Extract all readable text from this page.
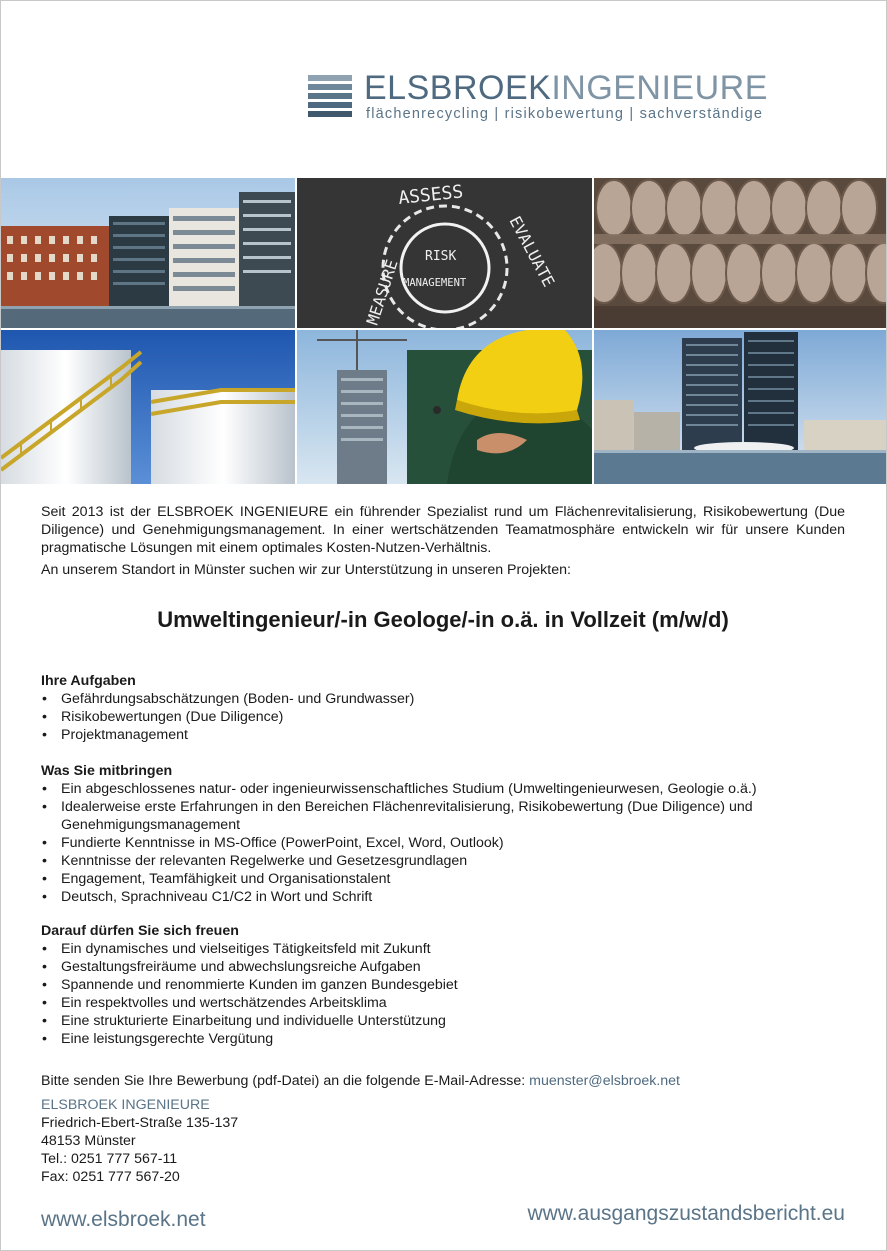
ELSBROEKINGENIEURE
flächenrecycling | risikobewertung | sachverständige
ASSESS
EVALUATE
MEASURE
RISK
MANAGEMENT

Seit 2013 ist der ELSBROEK INGENIEURE ein führender Spezialist rund um Flächenrevitalisierung, Risikobewertung (Due Diligence) und Genehmigungsmanagement. In einer wertschätzenden Teamatmosphäre entwickeln wir für unsere Kunden pragmatische Lösungen mit einem optimales Kosten-Nutzen-Verhältnis.

An unserem Standort in Münster suchen wir zur Unterstützung in unseren Projekten:

Umweltingenieur/-in Geologe/-in o.ä. in Vollzeit (m/w/d)
Ihre Aufgaben
• Gefährdungsabschätzungen (Boden- und Grundwasser)
• Risikobewertungen (Due Diligence)
• Projektmanagement
Was Sie mitbringen
• Ein abgeschlossenes natur- oder ingenieurwissenschaftliches Studium (Umweltingenieurwesen, Geologie o.ä.)
• Idealerweise erste Erfahrungen in den Bereichen Flächenrevitalisierung, Risikobewertung (Due Diligence) und Genehmigungsmanagement
• Fundierte Kenntnisse in MS-Office (PowerPoint, Excel, Word, Outlook)
• Kenntnisse der relevanten Regelwerke und Gesetzesgrundlagen
• Engagement, Teamfähigkeit und Organisationstalent
• Deutsch, Sprachniveau C1/C2 in Wort und Schrift
Darauf dürfen Sie sich freuen
• Ein dynamisches und vielseitiges Tätigkeitsfeld mit Zukunft
• Gestaltungsfreiräume und abwechslungsreiche Aufgaben
• Spannende und renommierte Kunden im ganzen Bundesgebiet
• Ein respektvolles und wertschätzendes Arbeitsklima
• Eine strukturierte Einarbeitung und individuelle Unterstützung
• Eine leistungsgerechte Vergütung
Bitte senden Sie Ihre Bewerbung (pdf-Datei) an die folgende E-Mail-Adresse: muenster@elsbroek.net
ELSBROEK INGENIEURE
Friedrich-Ebert-Straße 135-137
48153 Münster
Tel.: 0251 777 567-11
Fax: 0251 777 567-20
www.elsbroek.net	www.ausgangszustandsbericht.eu
